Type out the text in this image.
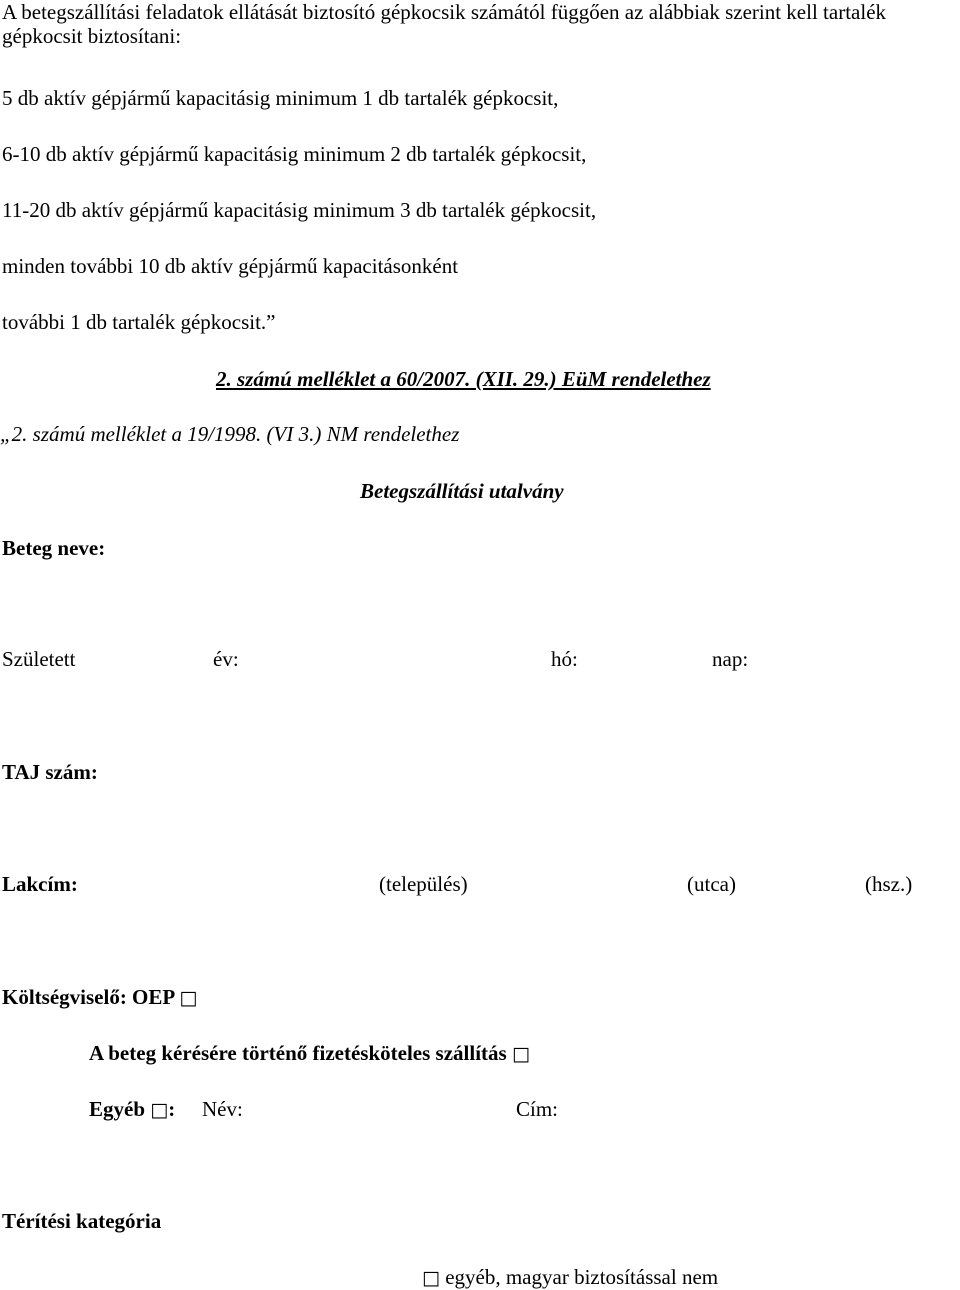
A betegszállítási feladatok ellátását biztosító gépkocsik számától függően az alábbiak szerint kell tartalék gépkocsit biztosítani:
5 db aktív gépjármű kapacitásig minimum 1 db tartalék gépkocsit,
6-10 db aktív gépjármű kapacitásig minimum 2 db tartalék gépkocsit,
11-20 db aktív gépjármű kapacitásig minimum 3 db tartalék gépkocsit,
minden további 10 db aktív gépjármű kapacitásonként
további 1 db tartalék gépkocsit.”
2. számú melléklet a 60/2007. (XII. 29.) EüM rendelethez
„2. számú melléklet a 19/1998. (VI 3.) NM rendelethez
Betegszállítási utalvány
Beteg neve:
Született	év:	hó:	nap:
TAJ szám:
Lakcím:	(település)	(utca)	(hsz.)
Költségviselő: OEP □
A beteg kérésére történő fizetésköteles szállítás □
Egyéb □: Név:	Cím:
Térítési kategória
□ egyéb, magyar biztosítással nem
